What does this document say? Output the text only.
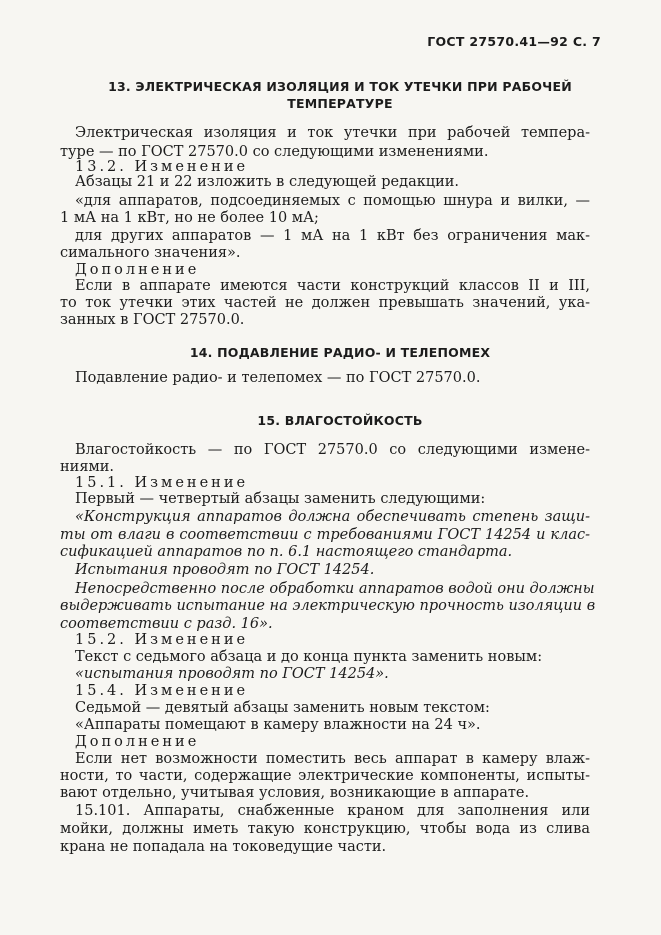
ГОСТ 27570.41—92 С. 7
13. ЭЛЕКТРИЧЕСКАЯ ИЗОЛЯЦИЯ И ТОК УТЕЧКИ ПРИ РАБОЧЕЙ
ТЕМПЕРАТУРЕ
Электрическая изоляция и ток утечки при рабочей темпера-
туре — по ГОСТ 27570.0 со следующими изменениями.
13.2. Изменение
Абзацы 21 и 22 изложить в следующей редакции.
«для аппаратов, подсоединяемых с помощью шнура и вилки, —
1 мА на 1 кВт, но не более 10 мА;
для других аппаратов — 1 мА на 1 кВт без ограничения мак-
симального значения».
Дополнение
Если в аппарате имеются части конструкций классов II и III,
то ток утечки этих частей не должен превышать значений, ука-
занных в ГОСТ 27570.0.
14. ПОДАВЛЕНИЕ РАДИО- И ТЕЛЕПОМЕХ
Подавление радио- и телепомех — по ГОСТ 27570.0.
15. ВЛАГОСТОЙКОСТЬ
Влагостойкость — по ГОСТ 27570.0 со следующими измене-
ниями.
15.1. Изменение
Первый — четвертый абзацы заменить следующими:
«Конструкция аппаратов должна обеспечивать степень защи-
ты от влаги в соответствии с требованиями ГОСТ 14254 и клас-
сификацией аппаратов по п. 6.1 настоящего стандарта.
Испытания проводят по ГОСТ 14254.
Непосредственно после обработки аппаратов водой они должны
выдерживать испытание на электрическую прочность изоляции в
соответствии с разд. 16».
15.2. Изменение
Текст с седьмого абзаца и до конца пункта заменить новым:
«испытания проводят по ГОСТ 14254».
15.4. Изменение
Седьмой — девятый абзацы заменить новым текстом:
«Аппараты помещают в камеру влажности на 24 ч».
Дополнение
Если нет возможности поместить весь аппарат в камеру влаж-
ности, то части, содержащие электрические компоненты, испыты-
вают отдельно, учитывая условия, возникающие в аппарате.
15.101. Аппараты, снабженные краном для заполнения или
мойки, должны иметь такую конструкцию, чтобы вода из слива
крана не попадала на токоведущие части.
